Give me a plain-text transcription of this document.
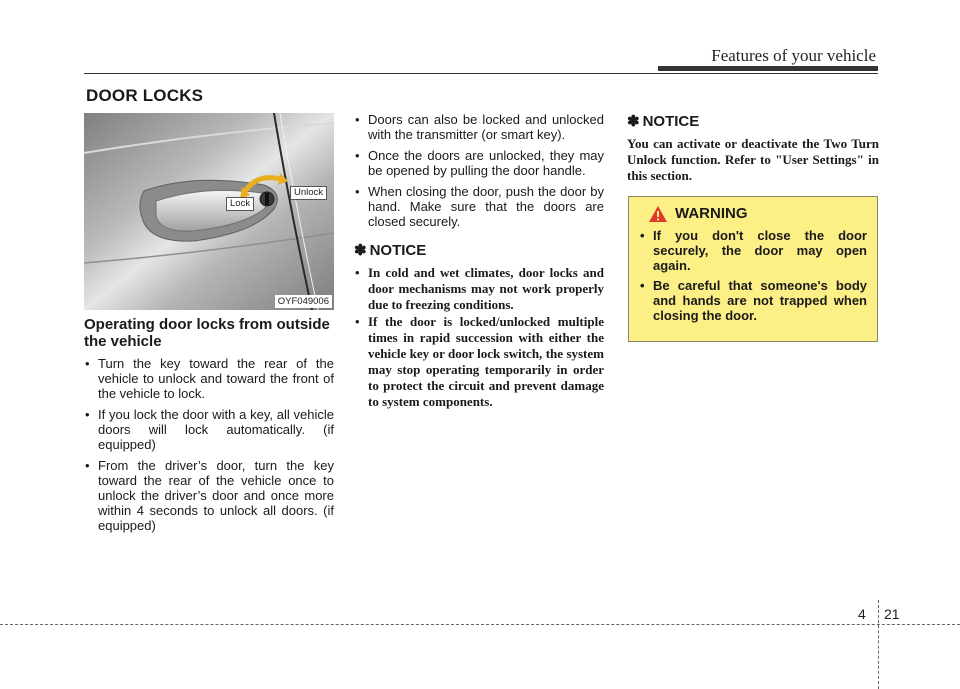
Features of your vehicle
DOOR LOCKS
Lock
Unlock
OYF049006
Operating door locks from outside the vehicle
• Turn the key toward the rear of the vehicle to unlock and toward the front of the vehicle to lock.
• If you lock the door with a key, all vehicle doors will lock automatically. (if equipped)
• From the driver’s door, turn the key toward the rear of the vehicle once to unlock the driver’s door and once more within 4 seconds to unlock all doors. (if equipped)
• Doors can also be locked and unlocked with the transmitter (or smart key).
• Once the doors are unlocked, they may be opened by pulling the door handle.
• When closing the door, push the door by hand. Make sure that the doors are closed securely.
✽ NOTICE
• In cold and wet climates, door locks and door mechanisms may not work properly due to freezing conditions.
• If the door is locked/unlocked multiple times in rapid succession with either the vehicle key or door lock switch, the system may stop operating temporarily in order to protect the circuit and prevent damage to system components.
✽ NOTICE

You can activate or deactivate the Two Turn Unlock function. Refer to "User Settings" in this section.

WARNING
• If you don't close the door securely, the door may open again.
• Be careful that someone's body and hands are not trapped when closing the door.
4 21
